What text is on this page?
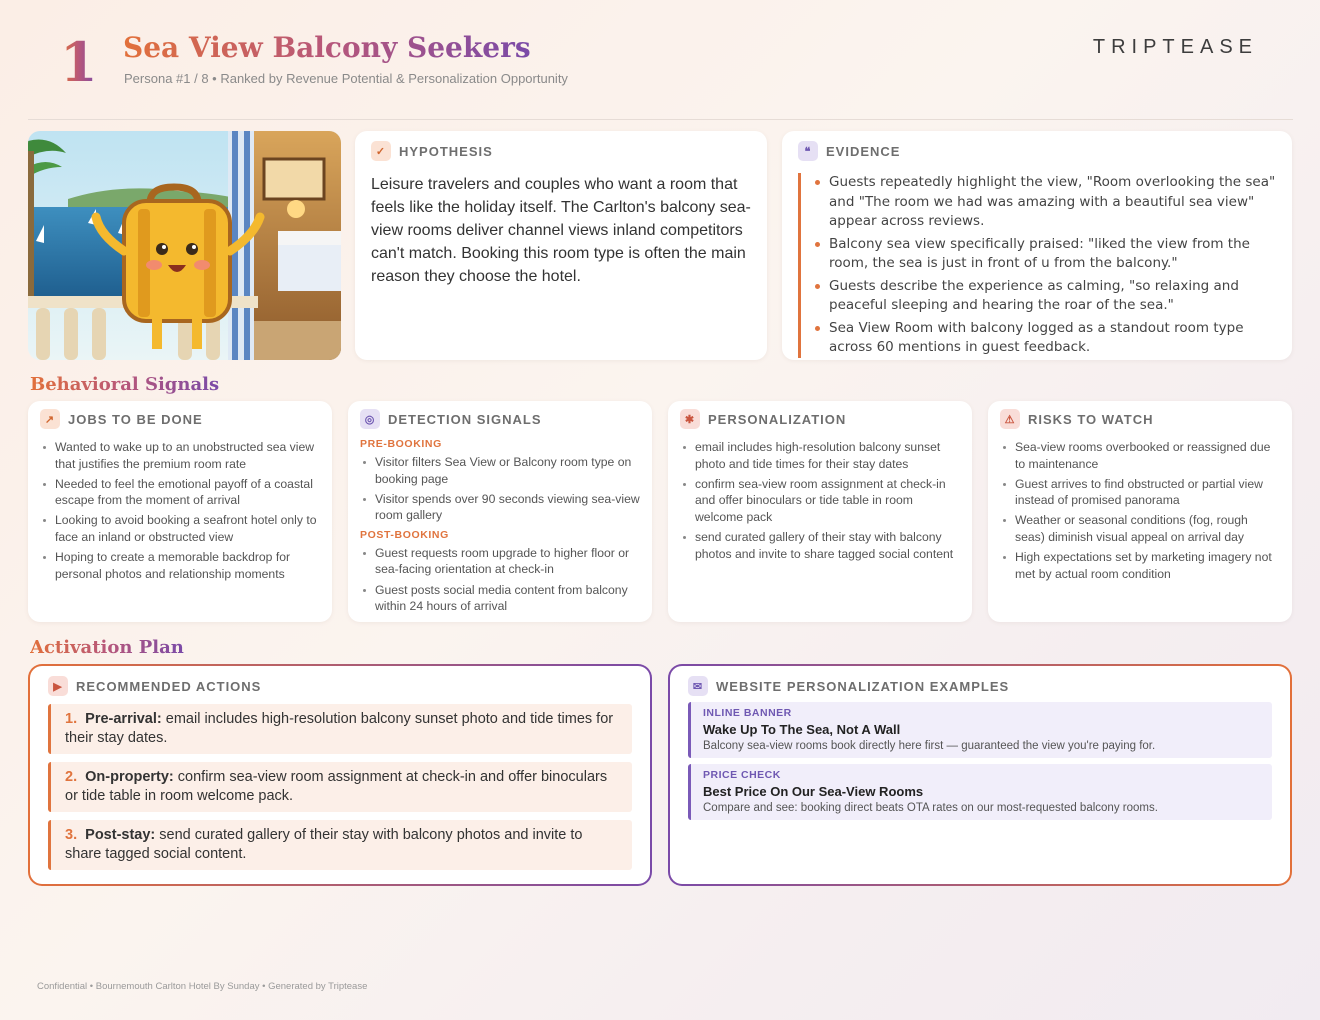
1 Sea View Balcony Seekers
Persona #1 / 8 • Ranked by Revenue Potential & Personalization Opportunity
TRIPTEASE
✓ HYPOTHESIS
Leisure travelers and couples who want a room that feels like the holiday itself. The Carlton's balcony sea-view rooms deliver channel views inland competitors can't match. Booking this room type is often the main reason they choose the hotel.
❝	EVIDENCE
Guests repeatedly highlight the view, "Room overlooking the sea" and "The room we had was amazing with a beautiful sea view" appear across reviews.
Balcony sea view specifically praised: "liked the view from the room, the sea is just in front of u from the balcony."
Guests describe the experience as calming, "so relaxing and peaceful sleeping and hearing the roar of the sea."
Sea View Room with balcony logged as a standout room type across 60 mentions in guest feedback.
Behavioral Signals
↗ JOBS TO BE DONE
Wanted to wake up to an unobstructed sea view that justifies the premium room rate
Needed to feel the emotional payoff of a coastal escape from the moment of arrival
Looking to avoid booking a seafront hotel only to face an inland or obstructed view
Hoping to create a memorable backdrop for personal photos and relationship moments
◎ DETECTION SIGNALS
PRE-BOOKING
Visitor filters Sea View or Balcony room type on booking page
Visitor spends over 90 seconds viewing sea-view room gallery
POST-BOOKING
Guest requests room upgrade to higher floor or sea-facing orientation at check-in
Guest posts social media content from balcony within 24 hours of arrival
✱ PERSONALIZATION
email includes high-resolution balcony sunset photo and tide times for their stay dates
confirm sea-view room assignment at check-in and offer binoculars or tide table in room welcome pack
send curated gallery of their stay with balcony photos and invite to share tagged social content
⚠ RISKS TO WATCH
Sea-view rooms overbooked or reassigned due to maintenance
Guest arrives to find obstructed or partial view instead of promised panorama
Weather or seasonal conditions (fog, rough seas) diminish visual appeal on arrival day
High expectations set by marketing imagery not met by actual room condition
Activation Plan
▶	RECOMMENDED ACTIONS
1. Pre-arrival: email includes high-resolution balcony sunset photo and tide times for their stay dates.
2. On-property: confirm sea-view room assignment at check-in and offer binoculars or tide table in room welcome pack.
3. Post-stay: send curated gallery of their stay with balcony photos and invite to share tagged social content.
✉ WEBSITE PERSONALIZATION EXAMPLES
INLINE BANNER
Wake Up To The Sea, Not A Wall
Balcony sea-view rooms book directly here first — guaranteed the view you're paying for.
PRICE CHECK
Best Price On Our Sea-View Rooms
Compare and see: booking direct beats OTA rates on our most-requested balcony rooms.
Confidential • Bournemouth Carlton Hotel By Sunday • Generated by Triptease
